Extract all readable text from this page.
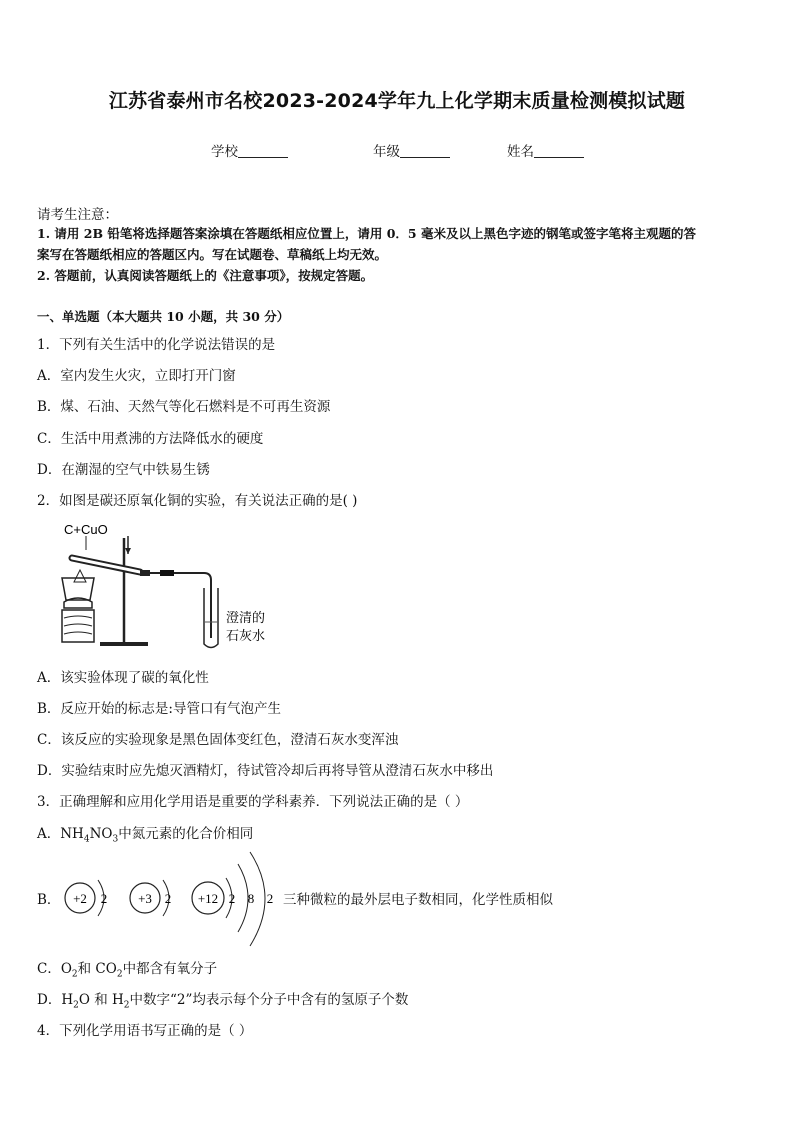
江苏省泰州市名校2023-2024学年九上化学期末质量检测模拟试题
学校	年级	姓名
请考生注意：
1. 请用 2B 铅笔将选择题答案涂填在答题纸相应位置上，请用 0．5 毫米及以上黑色字迹的钢笔或签字笔将主观题的答
案写在答题纸相应的答题区内。写在试题卷、草稿纸上均无效。
2. 答题前，认真阅读答题纸上的《注意事项》，按规定答题。
一、单选题（本大题共 10 小题，共 30 分）
1．下列有关生活中的化学说法错误的是
A．室内发生火灾，立即打开门窗
B．煤、石油、天然气等化石燃料是不可再生资源
C．生活中用煮沸的方法降低水的硬度
D．在潮湿的空气中铁易生锈
2．如图是碳还原氧化铜的实验，有关说法正确的是( )
C+CuO
澄清的
石灰水
A．该实验体现了碳的氧化性
B．反应开始的标志是:导管口有气泡产生
C．该反应的实验现象是黑色固体变红色，澄清石灰水变浑浊
D．实验结束时应先熄灭酒精灯，待试管冷却后再将导管从澄清石灰水中移出
3．正确理解和应用化学用语是重要的学科素养．下列说法正确的是（ ）
A．$NH_4NO_3$中氮元素的化合价相同
B． +2 2 +3 2 +12 2 8 2 三种微粒的最外层电子数相同，化学性质相似
C．$O_2$和 $CO_2$中都含有氧分子
D．$H_2O$ 和 $H_2$中数字“2”均表示每个分子中含有的氢原子个数
4．下列化学用语书写正确的是（ ）
